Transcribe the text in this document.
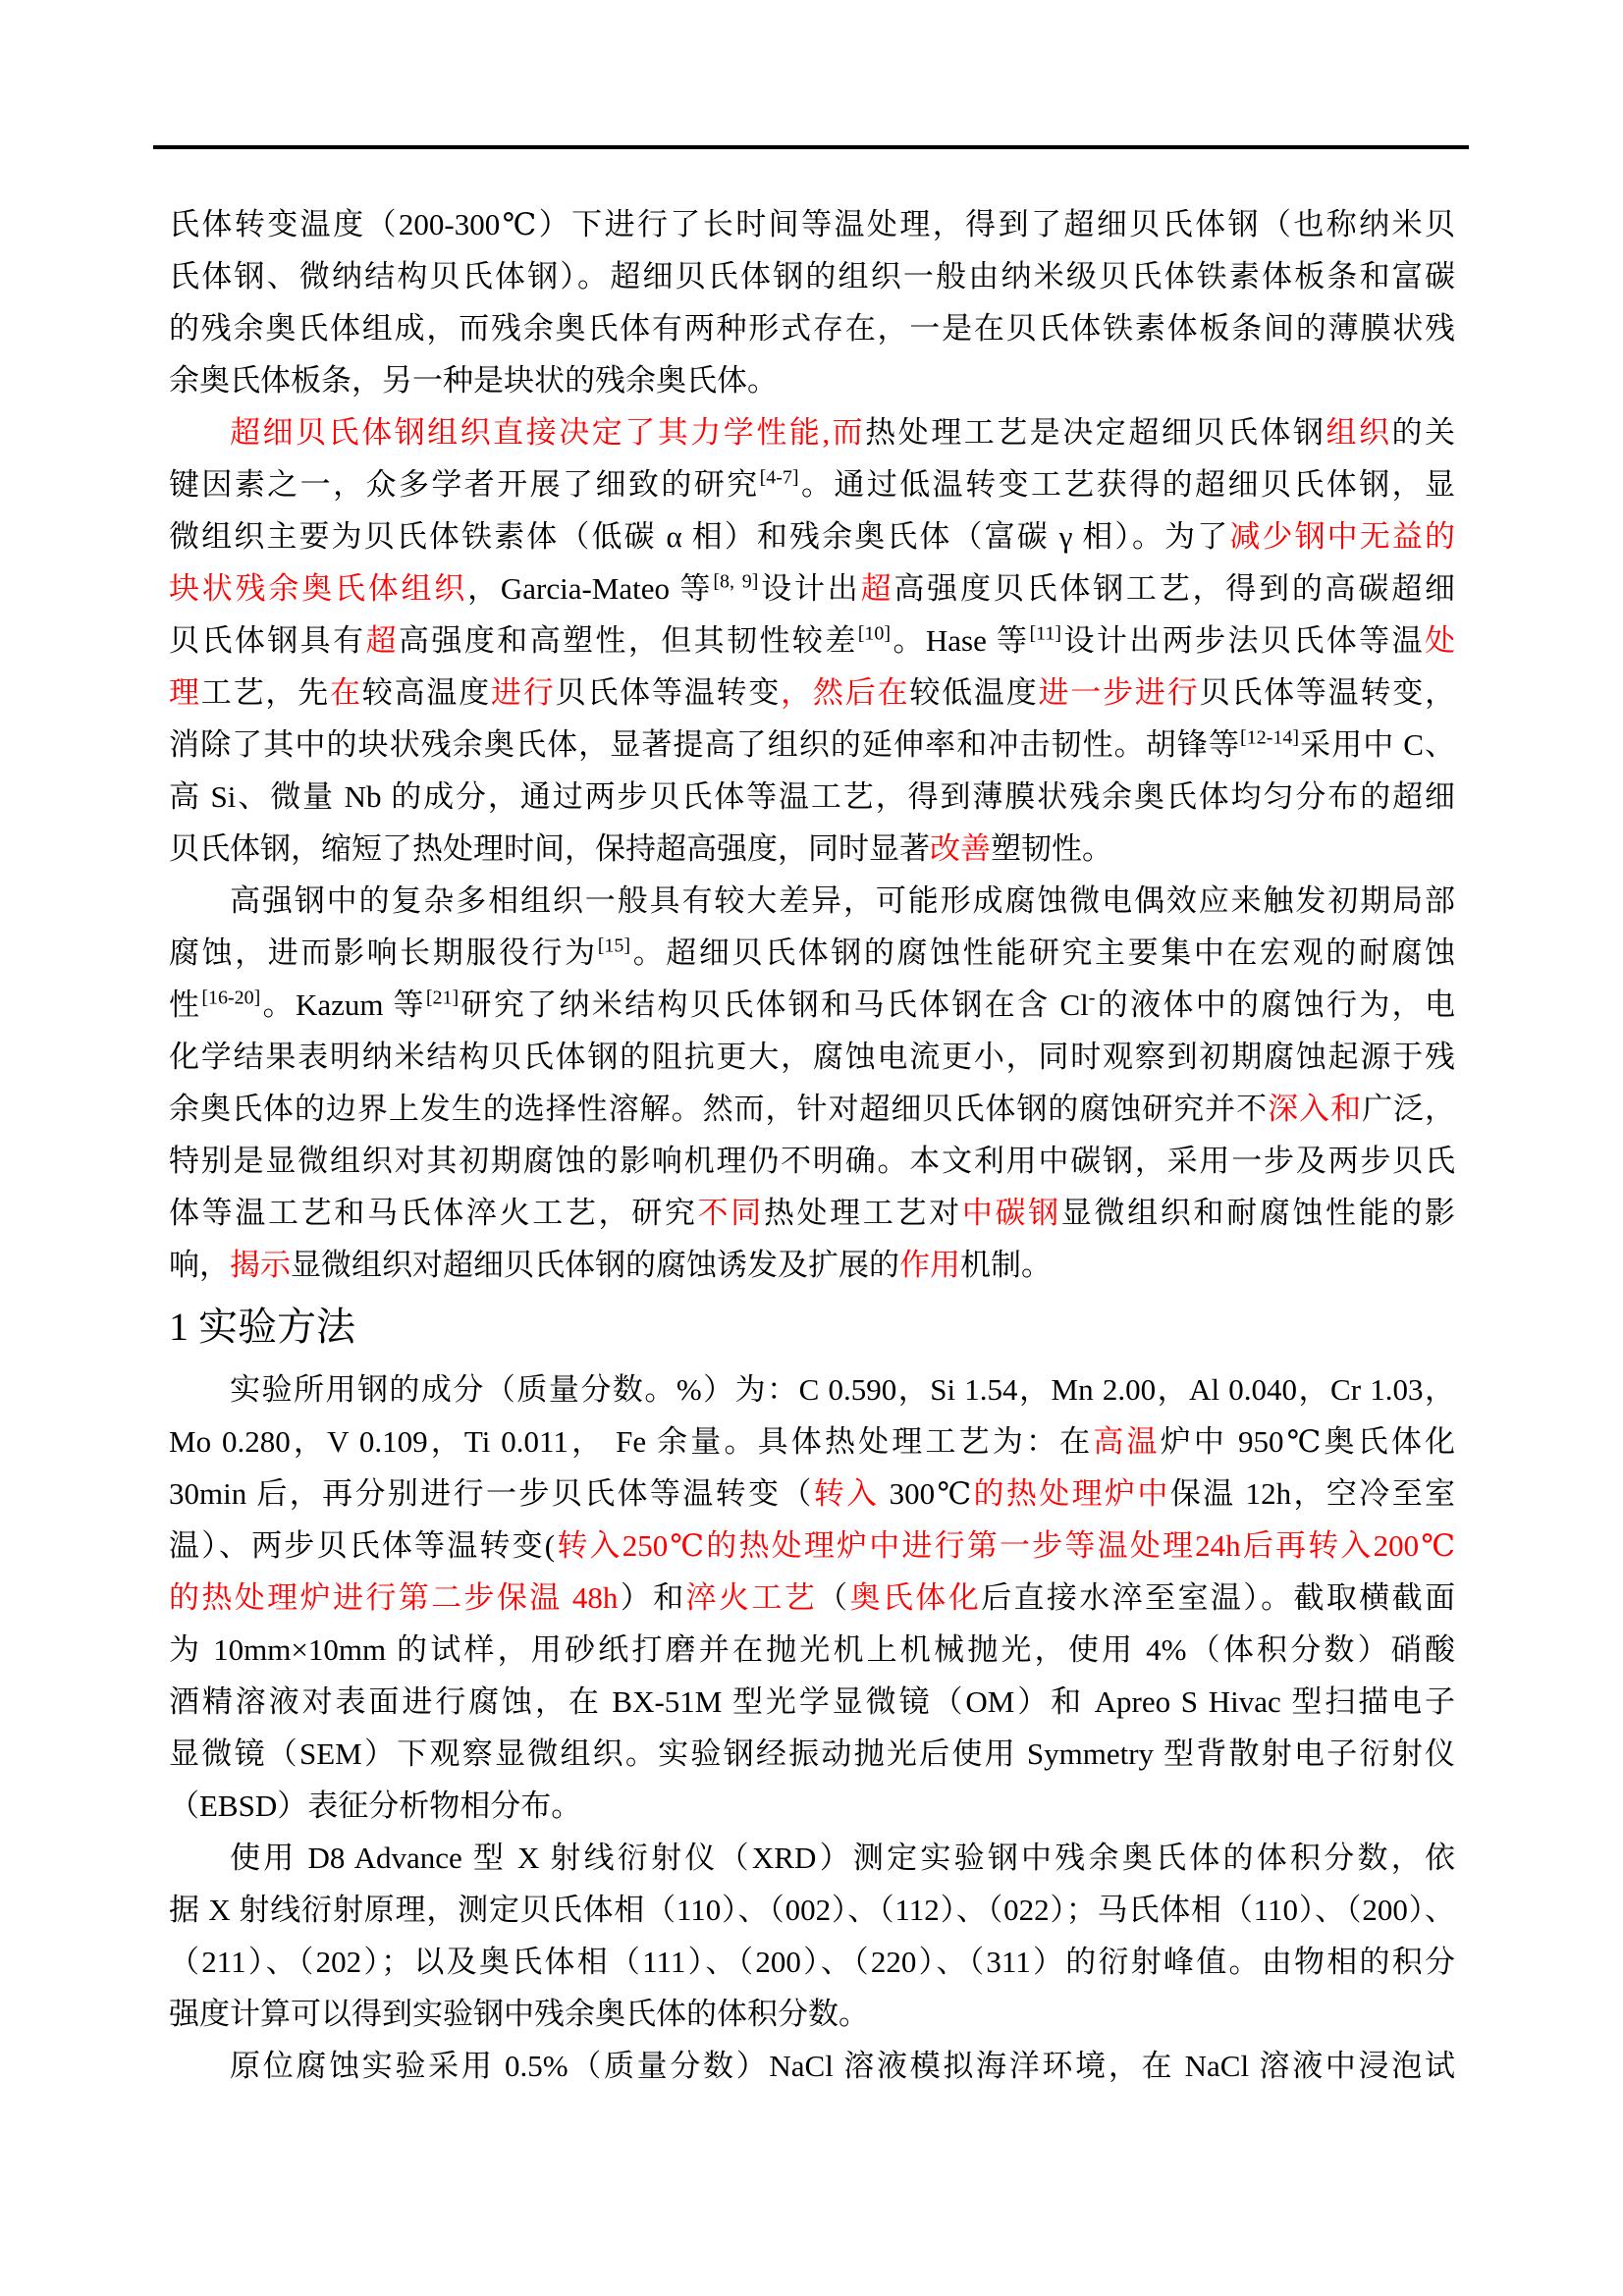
氏体转变温度（200-300℃）下进行了长时间等温处理，得到了超细贝氏体钢（也称纳米贝
氏体钢、微纳结构贝氏体钢）。超细贝氏体钢的组织一般由纳米级贝氏体铁素体板条和富碳
的残余奥氏体组成，而残余奥氏体有两种形式存在，一是在贝氏体铁素体板条间的薄膜状残
余奥氏体板条，另一种是块状的残余奥氏体。
超细贝氏体钢组织直接决定了其力学性能,而热处理工艺是决定超细贝氏体钢组织的关
键因素之一，众多学者开展了细致的研究[4-7]。通过低温转变工艺获得的超细贝氏体钢，显
微组织主要为贝氏体铁素体（低碳 α 相）和残余奥氏体（富碳 γ 相）。为了减少钢中无益的
块状残余奥氏体组织，Garcia-Mateo 等[8, 9]设计出超高强度贝氏体钢工艺，得到的高碳超细
贝氏体钢具有超高强度和高塑性，但其韧性较差[10]。Hase 等[11]设计出两步法贝氏体等温处
理工艺，先在较高温度进行贝氏体等温转变，然后在较低温度进一步进行贝氏体等温转变，
消除了其中的块状残余奥氏体，显著提高了组织的延伸率和冲击韧性。胡锋等[12-14]采用中 C、
高 Si、微量 Nb 的成分，通过两步贝氏体等温工艺，得到薄膜状残余奥氏体均匀分布的超细
贝氏体钢，缩短了热处理时间，保持超高强度，同时显著改善塑韧性。
高强钢中的复杂多相组织一般具有较大差异，可能形成腐蚀微电偶效应来触发初期局部
腐蚀，进而影响长期服役行为[15]。超细贝氏体钢的腐蚀性能研究主要集中在宏观的耐腐蚀
性[16-20]。Kazum 等[21]研究了纳米结构贝氏体钢和马氏体钢在含 Cl-的液体中的腐蚀行为，电
化学结果表明纳米结构贝氏体钢的阻抗更大，腐蚀电流更小，同时观察到初期腐蚀起源于残
余奥氏体的边界上发生的选择性溶解。然而，针对超细贝氏体钢的腐蚀研究并不深入和广泛，
特别是显微组织对其初期腐蚀的影响机理仍不明确。本文利用中碳钢，采用一步及两步贝氏
体等温工艺和马氏体淬火工艺，研究不同热处理工艺对中碳钢显微组织和耐腐蚀性能的影
响，揭示显微组织对超细贝氏体钢的腐蚀诱发及扩展的作用机制。
1 实验方法
实验所用钢的成分（质量分数。%）为：C 0.590，Si 1.54，Mn 2.00，Al 0.040，Cr 1.03，
Mo 0.280，V 0.109，Ti 0.011， Fe 余量。具体热处理工艺为：在高温炉中 950℃奥氏体化
30min 后，再分别进行一步贝氏体等温转变（转入 300℃的热处理炉中保温 12h，空冷至室
温）、两步贝氏体等温转变(转入250℃的热处理炉中进行第一步等温处理24h后再转入200℃
的热处理炉进行第二步保温 48h）和淬火工艺（奥氏体化后直接水淬至室温）。截取横截面
为 10mm×10mm 的试样，用砂纸打磨并在抛光机上机械抛光，使用 4%（体积分数）硝酸
酒精溶液对表面进行腐蚀，在 BX-51M 型光学显微镜（OM）和 Apreo S Hivac 型扫描电子
显微镜（SEM）下观察显微组织。实验钢经振动抛光后使用 Symmetry 型背散射电子衍射仪
（EBSD）表征分析物相分布。
使用 D8 Advance 型 X 射线衍射仪（XRD）测定实验钢中残余奥氏体的体积分数，依
据 X 射线衍射原理，测定贝氏体相（110）、（002）、（112）、（022）；马氏体相（110）、（200）、
（211）、（202）；以及奥氏体相（111）、（200）、（220）、（311）的衍射峰值。由物相的积分
强度计算可以得到实验钢中残余奥氏体的体积分数。
原位腐蚀实验采用 0.5%（质量分数）NaCl 溶液模拟海洋环境，在 NaCl 溶液中浸泡试
